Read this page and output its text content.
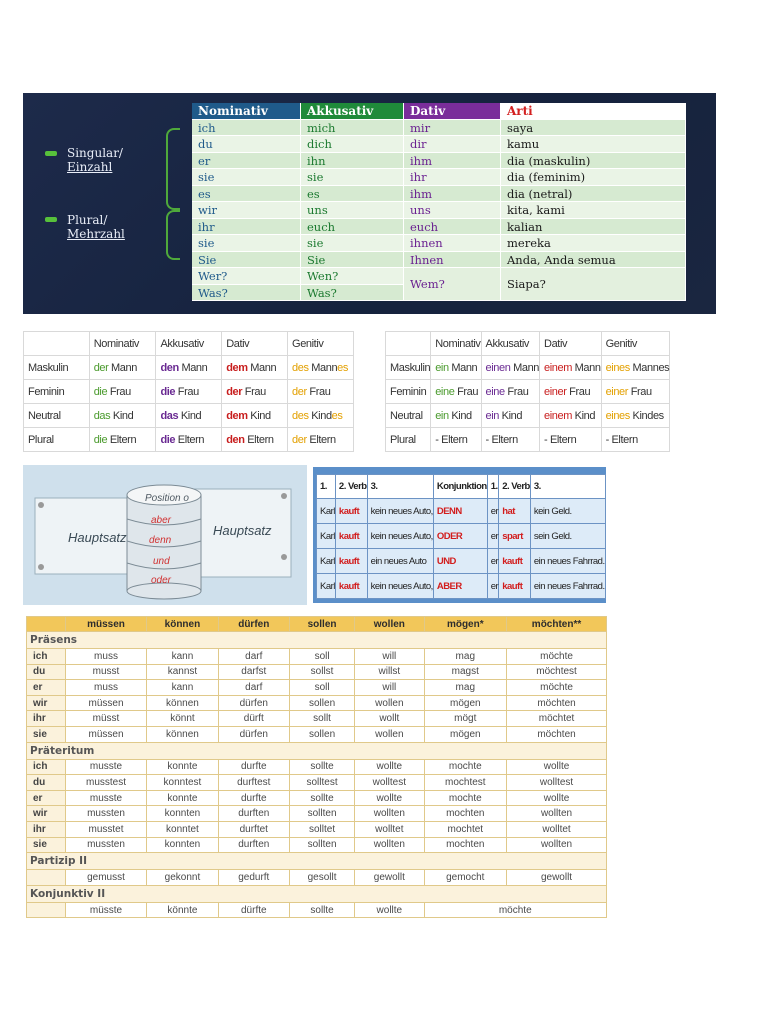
Singular/
Einzahl
Plural/
Mehrzahl
Nominativ	Akkusativ	Dativ	Arti
ich	mich	mir	saya
du	dich	dir	kamu
er	ihn	ihm	dia (maskulin)
sie	sie	ihr	dia (feminim)
es	es	ihm	dia (netral)
wir	uns	uns	kita, kami
ihr	euch	euch	kalian
sie	sie	ihnen	mereka
Sie	Sie	Ihnen	Anda, Anda semua
Wer?	Wen?
Was?	Was?
Wem?	Siapa?
	Nominativ	Akkusativ	Dativ	Genitiv
Maskulin	der Mann	den Mann	dem Mann	des Mannes
Feminin	die Frau	die Frau	der Frau	der Frau
Neutral	das Kind	das Kind	dem Kind	des Kindes
Plural	die Eltern	die Eltern	den Eltern	der Eltern
	Nominativ	Akkusativ	Dativ	Genitiv
Maskulin	ein Mann	einen Mann	einem Mann	eines Mannes
Feminin	eine Frau	eine Frau	einer Frau	einer Frau
Neutral	ein Kind	ein Kind	einem Kind	eines Kindes
Plural	- Eltern	- Eltern	- Eltern	- Eltern
Hauptsatz	Hauptsatz
Position o
aber
denn
und
oder
1.	2. Verb	3.	Konjunktion	1.	2. Verb	3.
Karl	kauft	kein neues Auto,	DENN	er	hat	kein Geld.
Karl	kauft	kein neues Auto,	ODER	er	spart	sein Geld.
Karl	kauft	ein neues Auto	UND	er	kauft	ein neues Fahrrad.
Karl	kauft	kein neues Auto,	ABER	er	kauft	ein neues Fahrrad.
	müssen	können	dürfen	sollen	wollen	mögen*	möchten**
Präsens							
ich	muss	kann	darf	soll	will	mag	möchte
du	musst	kannst	darfst	sollst	willst	magst	möchtest
er	muss	kann	darf	soll	will	mag	möchte
wir	müssen	können	dürfen	sollen	wollen	mögen	möchten
ihr	müsst	könnt	dürft	sollt	wollt	mögt	möchtet
sie	müssen	können	dürfen	sollen	wollen	mögen	möchten
Präteritum							
ich	musste	konnte	durfte	sollte	wollte	mochte	wollte
du	musstest	konntest	durftest	solltest	wolltest	mochtest	wolltest
er	musste	konnte	durfte	sollte	wollte	mochte	wollte
wir	mussten	konnten	durften	sollten	wollten	mochten	wollten
ihr	musstet	konntet	durftet	solltet	wolltet	mochtet	wolltet
sie	mussten	konnten	durften	sollten	wollten	mochten	wollten
Partizip II							
	gemusst	gekonnt	gedurft	gesollt	gewollt	gemocht	gewollt
Konjunktiv II							
	müsste	könnte	dürfte	sollte	wollte	möchte	
